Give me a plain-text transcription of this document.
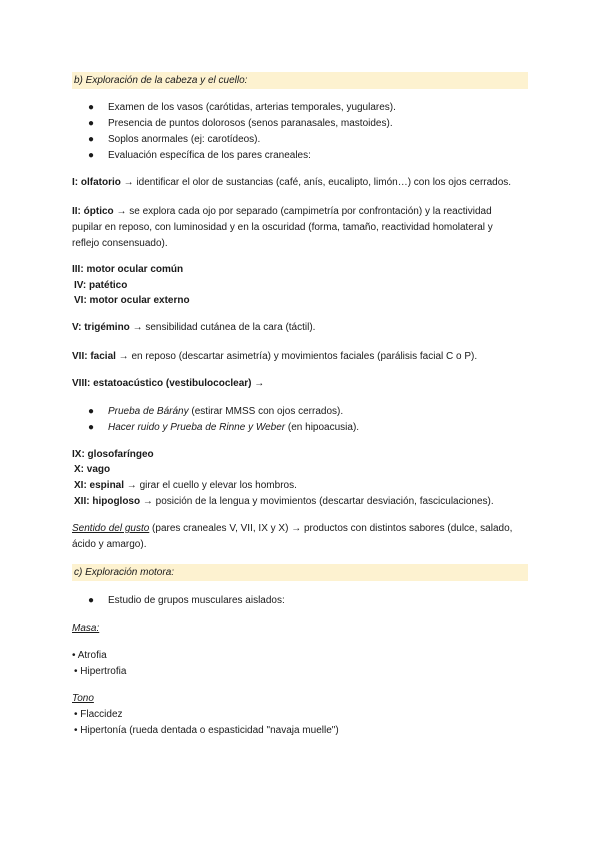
b) Exploración de la cabeza y el cuello:
● Examen de los vasos (carótidas, arterias temporales, yugulares).
● Presencia de puntos dolorosos (senos paranasales, mastoides).
● Soplos anormales (ej: carotídeos).
● Evaluación específica de los pares craneales:
I: olfatorio → identificar el olor de sustancias (café, anís, eucalipto, limón…) con los ojos cerrados.
II: óptico → se explora cada ojo por separado (campimetría por confrontación) y la reactividad
pupilar en reposo, con luminosidad y en la oscuridad (forma, tamaño, reactividad homolateral y
reflejo consensuado).
III: motor ocular común
IV: patético
VI: motor ocular externo
V: trigémino → sensibilidad cutánea de la cara (táctil).
VII: facial → en reposo (descartar asimetría) y movimientos faciales (parálisis facial C o P).
VIII: estatoacústico (vestibulococlear) →
● Prueba de Bárány (estirar MMSS con ojos cerrados).
● Hacer ruido y Prueba de Rinne y Weber (en hipoacusia).
IX: glosofaríngeo
X: vago
XI: espinal → girar el cuello y elevar los hombros.
XII: hipogloso → posición de la lengua y movimientos (descartar desviación, fasciculaciones).
Sentido del gusto (pares craneales V, VII, IX y X) → productos con distintos sabores (dulce, salado,
ácido y amargo).
c) Exploración motora:
● Estudio de grupos musculares aislados:
Masa:
• Atrofia
• Hipertrofia
Tono
• Flaccidez
• Hipertonía (rueda dentada o espasticidad "navaja muelle")
